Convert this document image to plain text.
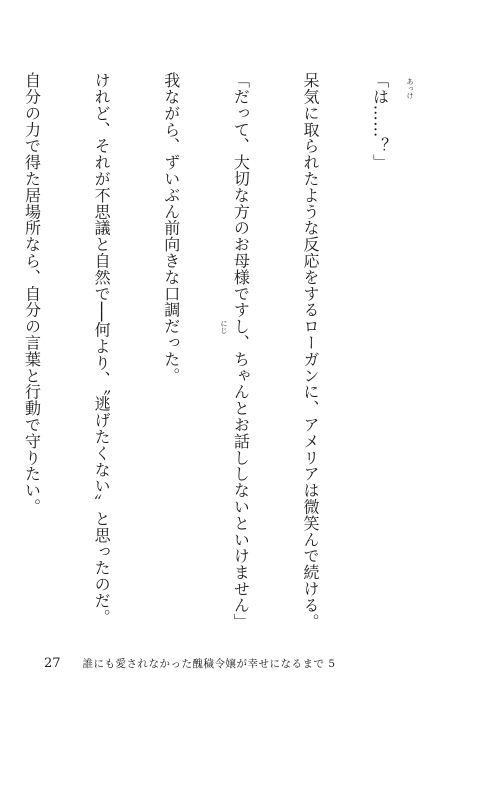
「は……？」

呆気に取られたような反応をするローガンに、アメリアは微笑んで続ける。

「だって、大切な方のお母様ですし、ちゃんとお話ししないといけません」

我ながら、ずいぶん前向きな口調だった。

けれど、それが不思議と自然で──何より、〝逃げたくない〟と思ったのだ。

自分の力で得た居場所なら、自分の言葉と行動で守りたい。

	あっけ
にじ
27 誰にも愛されなかった醜穢令嬢が幸せになるまで 5
